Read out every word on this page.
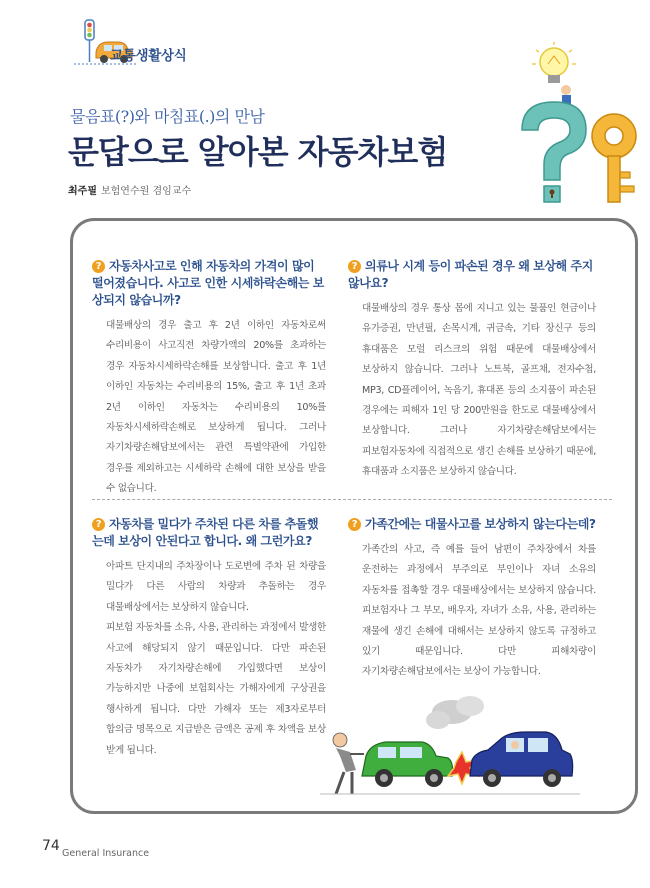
교통생활상식
물음표(?)와 마침표(.)의 만남
문답으로 알아본 자동차보험
최주필 보험연수원 겸임교수
? 자동차사고로 인해 자동차의 가격이 많이 떨어졌습니다. 사고로 인한 시세하락손해는 보상되지 않습니까?
대물배상의 경우 출고 후 2년 이하인 자동차로써 수리비용이 사고직전 차량가액의 20%를 초과하는 경우 자동차시세하락손해를 보상합니다. 출고 후 1년 이하인 자동차는 수리비용의 15%, 출고 후 1년 초과 2년 이하인 자동차는 수리비용의 10%를 자동차시세하락손해로 보상하게 됩니다. 그러나 자기차량손해담보에서는 관련 특별약관에 가입한 경우를 제외하고는 시세하락 손해에 대한 보상을 받을 수 없습니다.
? 의류나 시계 등이 파손된 경우 왜 보상해 주지 않나요?
대물배상의 경우 통상 몸에 지니고 있는 물품인 현금이나 유가증권, 만년필, 손목시계, 귀금속, 기타 장신구 등의 휴대품은 모럴 리스크의 위험 때문에 대물배상에서 보상하지 않습니다. 그러나 노트북, 골프채, 전자수첩, MP3, CD플레이어, 녹음기, 휴대폰 등의 소지품이 파손된 경우에는 피해자 1인 당 200만원을 한도로 대물배상에서 보상합니다. 그러나 자기차량손해담보에서는 피보험자동차에 직접적으로 생긴 손해를 보상하기 때문에, 휴대품과 소지품은 보상하지 않습니다.
? 자동차를 밀다가 주차된 다른 차를 추돌했는데 보상이 안된다고 합니다. 왜 그런가요?
아파트 단지내의 주차장이나 도로변에 주차 된 차량을 밀다가 다른 사람의 차량과 추돌하는 경우 대물배상에서는 보상하지 않습니다.
피보험 자동차를 소유, 사용, 관리하는 과정에서 발생한 사고에 해당되지 않기 때문입니다. 다만 파손된 자동차가 자기차량손해에 가입했다면 보상이 가능하지만 나중에 보험회사는 가해자에게 구상권을 행사하게 됩니다. 다만 가해자 또는 제3자로부터 합의금 명목으로 지급받은 금액은 공제 후 차액을 보상 받게 됩니다.
? 가족간에는 대물사고를 보상하지 않는다는데?
가족간의 사고, 즉 예를 들어 남편이 주차장에서 차를 운전하는 과정에서 부주의로 부인이나 자녀 소유의 자동차를 접촉할 경우 대물배상에서는 보상하지 않습니다. 피보험자나 그 부모, 배우자, 자녀가 소유, 사용, 관리하는 재물에 생긴 손해에 대해서는 보상하지 않도록 규정하고 있기 때문입니다. 다만 피해차량이 자기차량손해담보에서는 보상이 가능합니다.
74 General Insurance
